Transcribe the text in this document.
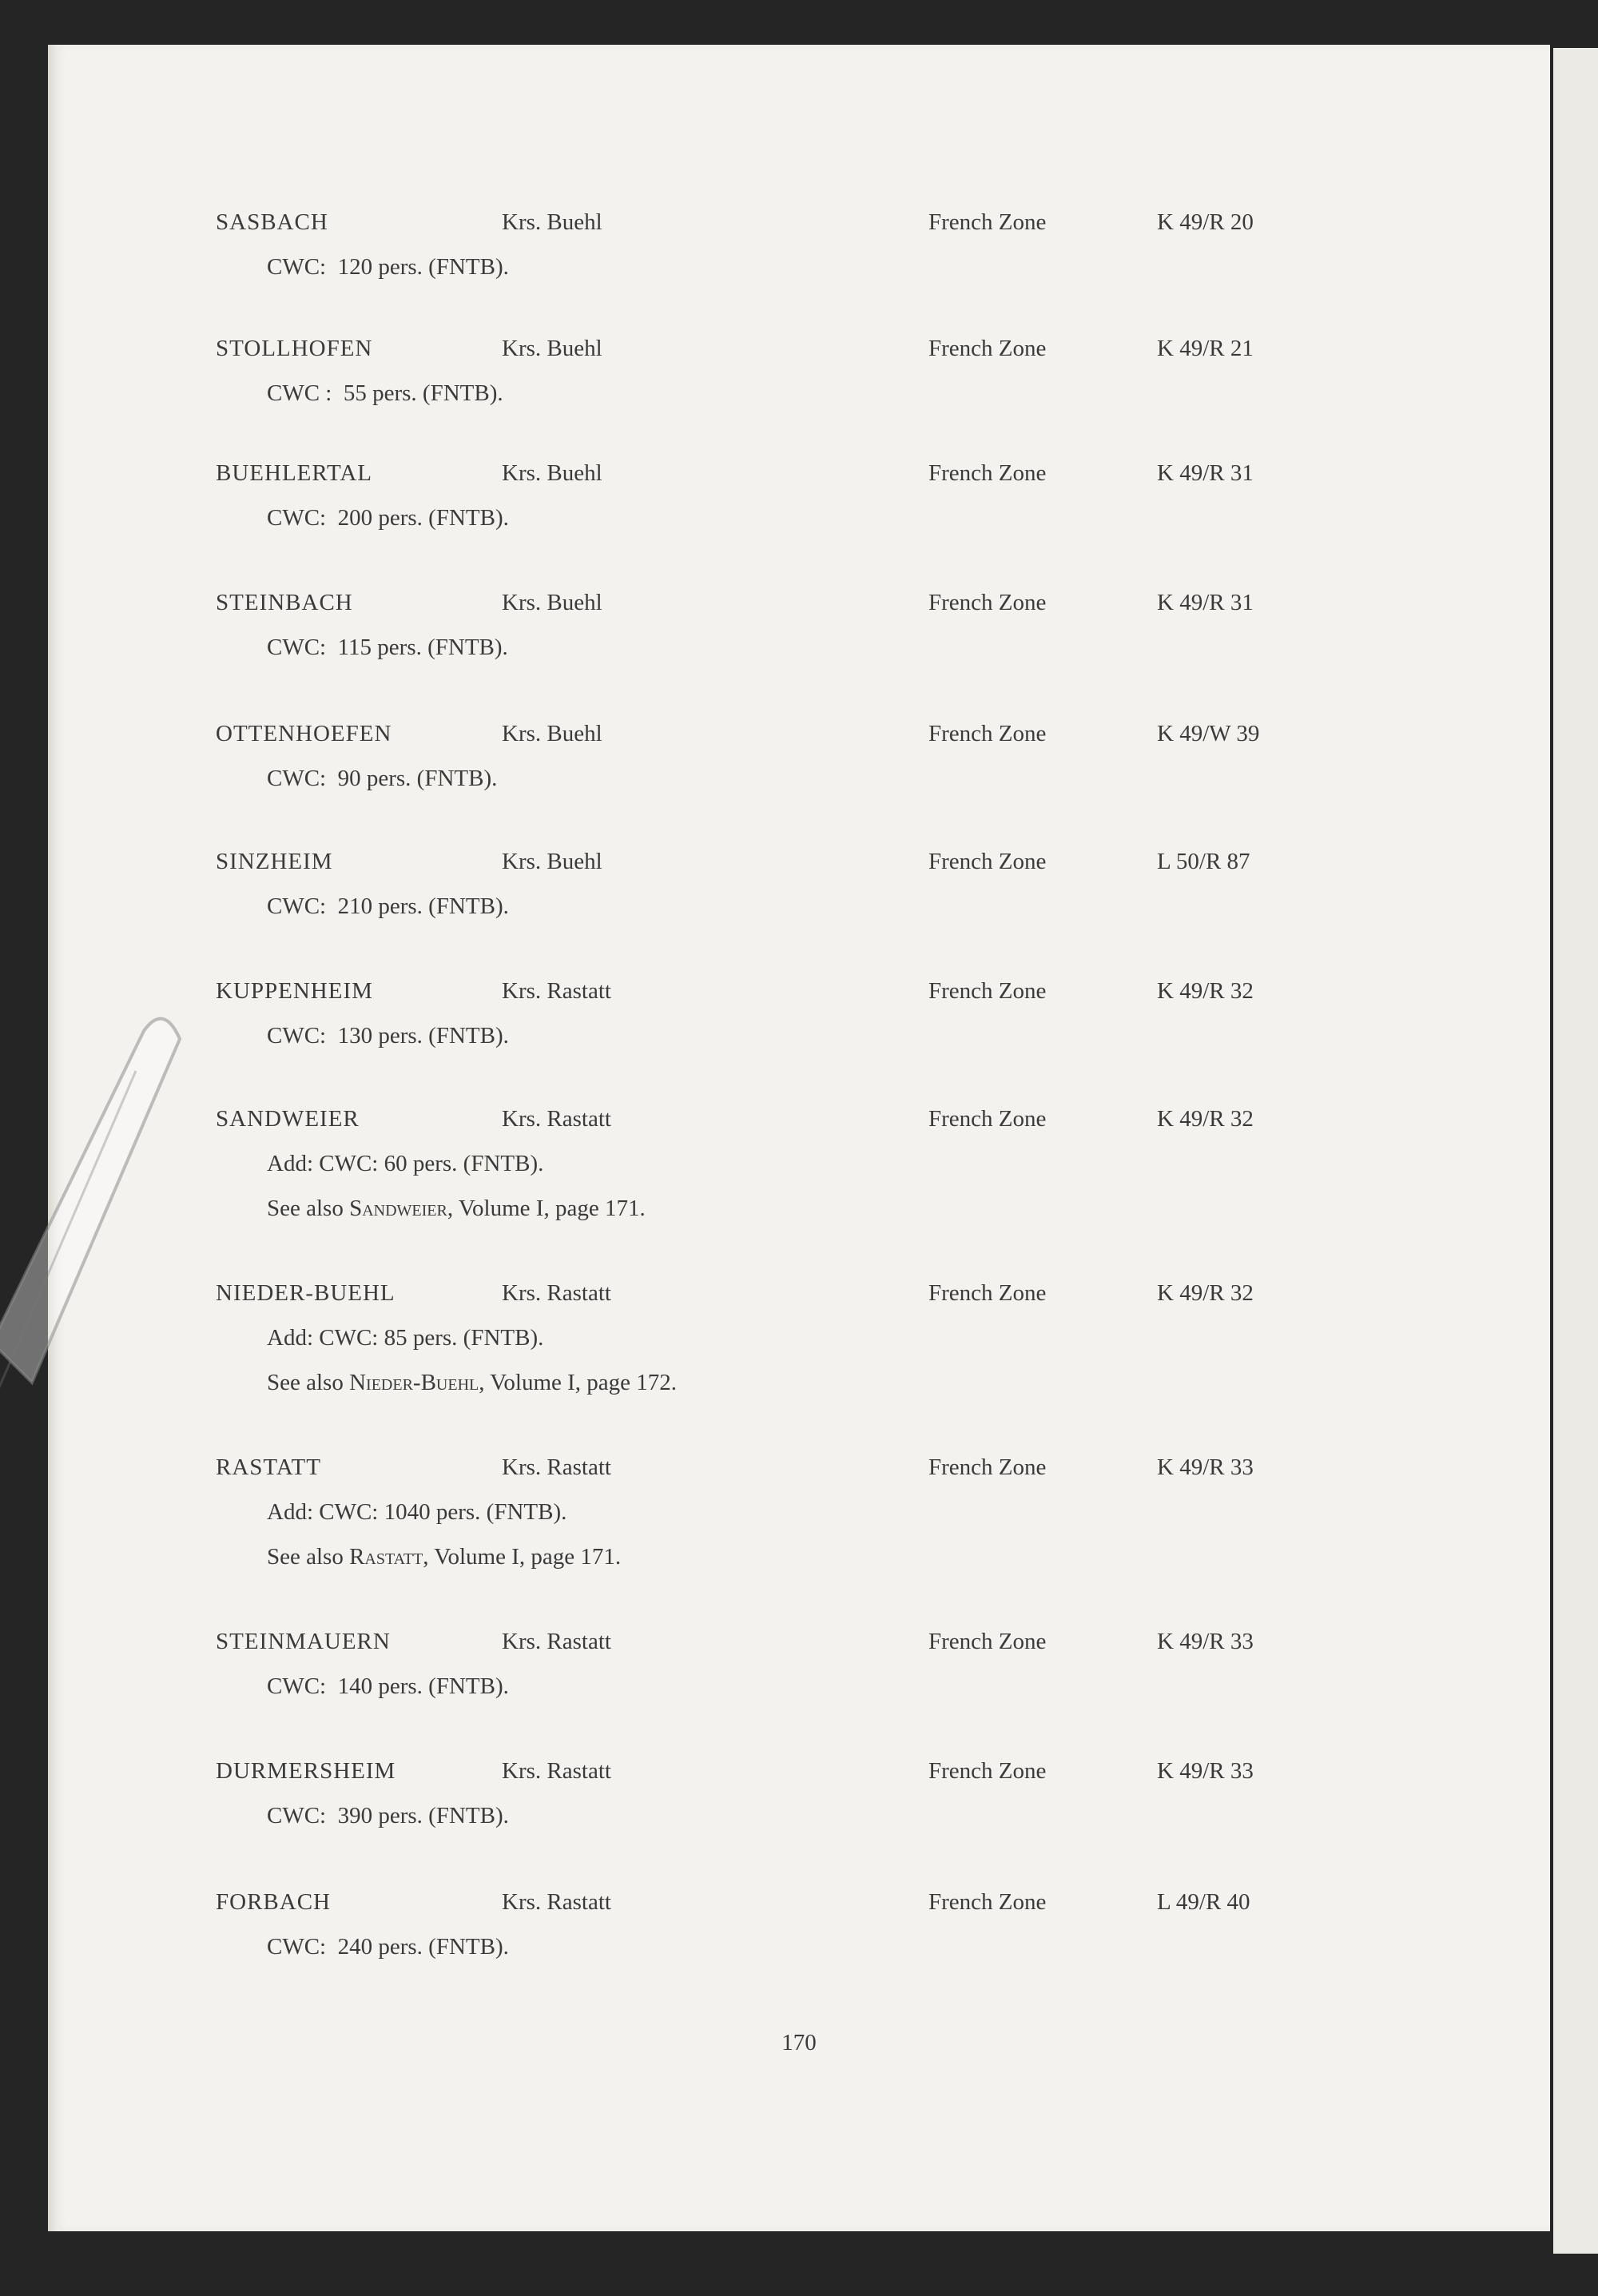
SASBACH	Krs. Buehl	French Zone	K 49/R 20
CWC:  120 pers. (FNTB).
STOLLHOFEN	Krs. Buehl	French Zone	K 49/R 21
CWC :  55 pers. (FNTB).
BUEHLERTAL	Krs. Buehl	French Zone	K 49/R 31
CWC:  200 pers. (FNTB).
STEINBACH	Krs. Buehl	French Zone	K 49/R 31
CWC:  115 pers. (FNTB).
OTTENHOEFEN	Krs. Buehl	French Zone	K 49/W 39
CWC:  90 pers. (FNTB).
SINZHEIM	Krs. Buehl	French Zone	L 50/R 87
CWC:  210 pers. (FNTB).
KUPPENHEIM	Krs. Rastatt	French Zone	K 49/R 32
CWC:  130 pers. (FNTB).
SANDWEIER	Krs. Rastatt	French Zone	K 49/R 32
Add: CWC: 60 pers. (FNTB).
See also Sandweier, Volume I, page 171.
NIEDER-BUEHL	Krs. Rastatt	French Zone	K 49/R 32
Add: CWC: 85 pers. (FNTB).
See also Nieder-Buehl, Volume I, page 172.
RASTATT	Krs. Rastatt	French Zone	K 49/R 33
Add: CWC: 1040 pers. (FNTB).
See also Rastatt, Volume I, page 171.
STEINMAUERN	Krs. Rastatt	French Zone	K 49/R 33
CWC:  140 pers. (FNTB).
DURMERSHEIM	Krs. Rastatt	French Zone	K 49/R 33
CWC:  390 pers. (FNTB).
FORBACH	Krs. Rastatt	French Zone	L 49/R 40
CWC:  240 pers. (FNTB).
170
